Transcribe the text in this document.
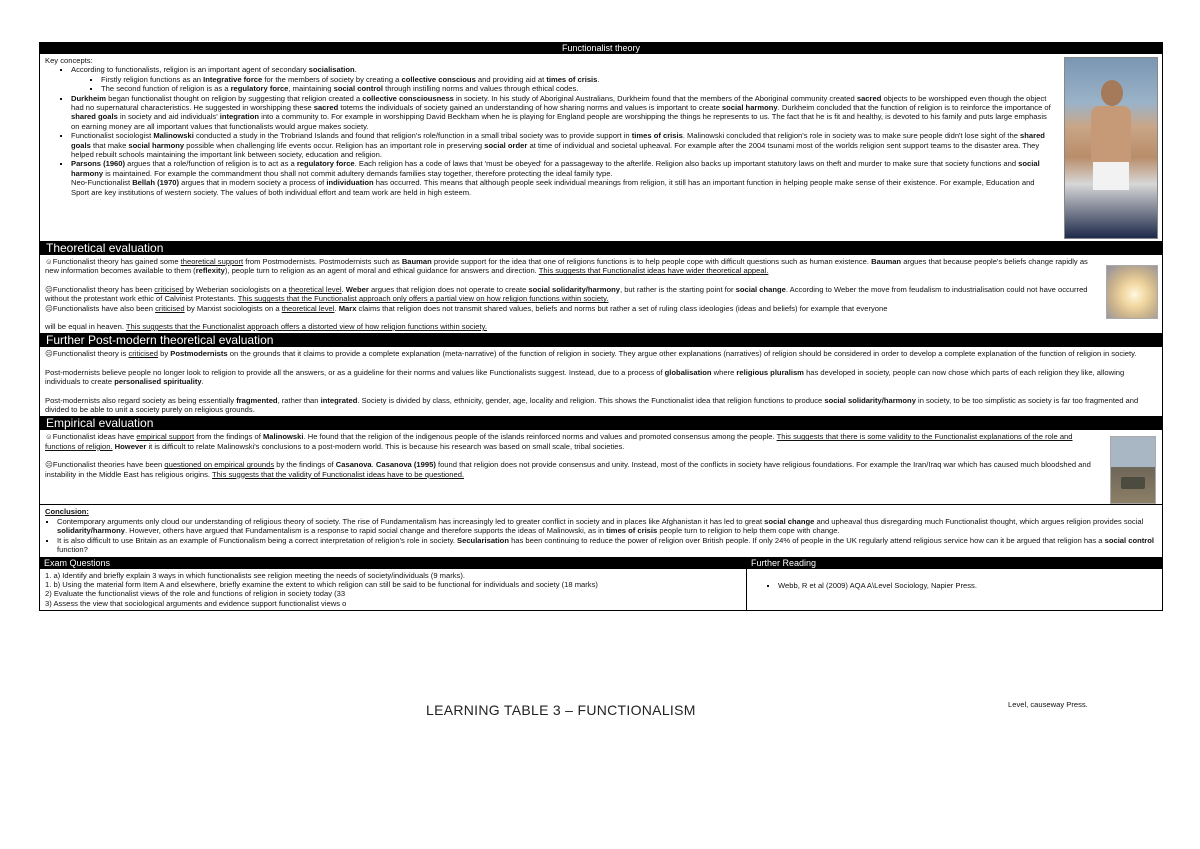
Functionalist theory

Key concepts:

▪ According to functionalists, religion is an important agent of secondary socialisation.
▪ Firstly religion functions as an Integrative force for the members of society by creating a collective conscious and providing aid at times of crisis.
▪ The second function of religion is as a regulatory force, maintaining social control through instilling norms and values through ethical codes.
▪ Durkheim began functionalist thought on religion by suggesting that religion created a collective consciousness in society. In his study of Aboriginal Australians, Durkheim found that the members of the Aboriginal community created sacred objects to be worshipped even though the object had no supernatural characteristics. He suggested in worshipping these sacred totems the individuals of society gained an understanding of how sharing norms and values is important to create social harmony. Durkheim concluded that the function of religion is to reinforce the importance of shared goals in society and aid individuals' integration into a community to. For example in worshipping David Beckham when he is playing for England people are worshipping the things he represents to us. The fact that he is fit and healthy, is devoted to his family and puts large emphasis on earning money are all important values that functionalists would argue makes society.
▪ Functionalist sociologist Malinowski conducted a study in the Trobriand Islands and found that religion's role/function in a small tribal society was to provide support in times of crisis. Malinowski concluded that religion's role in society was to make sure people didn't lose sight of the shared goals that make social harmony possible when challenging life events occur. Religion has an important role in preserving social order at time of individual and societal upheaval. For example after the 2004 tsunami most of the worlds religion sent support teams to the disaster area. They helped rebuilt schools maintaining the important link between society, education and religion.
▪ Parsons (1960) argues that a role/function of religion is to act as a regulatory force. Each religion has a code of laws that 'must be obeyed' for a passageway to the afterlife. Religion also backs up important statutory laws on theft and murder to make sure that society functions and social harmony is maintained. For example the commandment thou shall not commit adultery demands families stay together, therefore protecting the ideal family type.

Neo-Functionalist Bellah (1970) argues that in modern society a process of individuation has occurred. This means that although people seek individual meanings from religion, it still has an important function in helping people make sense of their existence. For example, Education and Sport are key institutions of western society. The values of both individual effort and team work are held in high esteem.

Theoretical evaluation

☺Functionalist theory has gained some theoretical support from Postmodernists. Postmodernists such as Bauman provide support for the idea that one of religions functions is to help people cope with difficult questions such as human existence. Bauman argues that because people's beliefs change rapidly as new information becomes available to them (reflexity), people turn to religion as an agent of moral and ethical guidance for answers and direction. This suggests that Functionalist ideas have wider theoretical appeal.

☹Functionalist theory has been criticised by Weberian sociologists on a theoretical level. Weber argues that religion does not operate to create social solidarity/harmony, but rather is the starting point for social change. According to Weber the move from feudalism to industrialisation could not have occurred without the protestant work ethic of Calvinist Protestants. This suggests that the Functionalist approach only offers a partial view on how religion functions within society.

☹Functionalists have also been criticised by Marxist sociologists on a theoretical level. Marx claims that religion does not transmit shared values, beliefs and norms but rather a set of ruling class ideologies (ideas and beliefs) for example that everyone

will be equal in heaven. This suggests that the Functionalist approach offers a distorted view of how religion functions within society.

Further Post-modern theoretical evaluation

☹Functionalist theory is criticised by Postmodernists on the grounds that it claims to provide a complete explanation (meta-narrative) of the function of religion in society. They argue other explanations (narratives) of religion should be considered in order to develop a complete explanation of the function of religion in society.

Post-modernists believe people no longer look to religion to provide all the answers, or as a guideline for their norms and values like Functionalists suggest. Instead, due to a process of globalisation where religious pluralism has developed in society, people can now chose which parts of each religion they like, allowing individuals to create personalised spirituality.

Post-modernists also regard society as being essentially fragmented, rather than integrated. Society is divided by class, ethnicity, gender, age, locality and religion. This shows the Functionalist idea that religion functions to produce social solidarity/harmony in society, to be too simplistic as society is far too fragmented and divided to be able to unit a society purely on religious grounds.

Empirical evaluation

☺Functionalist ideas have empirical support from the findings of Malinowski. He found that the religion of the indigenous people of the islands reinforced norms and values and promoted consensus among the people. This suggests that there is some validity to the Functionalist explanations of the role and functions of religion. However it is difficult to relate Malinowski's conclusions to a post-modern world. This is because his research was based on small scale, tribal societies.

☹Functionalist theories have been questioned on empirical grounds by the findings of Casanova. Casanova (1995) found that religion does not provide consensus and unity. Instead, most of the conflicts in society have religious foundations. For example the Iran/Iraq war which has caused much bloodshed and instability in the Middle East has religious origins. This suggests that the validity of Functionalist ideas have to be questioned.

Conclusion:

▪ Contemporary arguments only cloud our understanding of religious theory of society. The rise of Fundamentalism has increasingly led to greater conflict in society and in places like Afghanistan it has led to great social change and upheaval thus disregarding much Functionalist thought, which argues religion provides social solidarity/harmony. However, others have argued that Fundamentalism is a response to rapid social change and therefore supports the ideas of Malinowski, as in times of crisis people turn to religion to help them cope with change.
▪ It is also difficult to use Britain as an example of Functionalism being a correct interpretation of religion's role in society. Secularisation has been continuing to reduce the power of religion over British people. If only 24% of people in the UK regularly attend religious service how can it be argued that religion has a social control function?
Exam Questions

1. a) Identify and briefly explain 3 ways in which functionalists see religion meeting the needs of society/individuals (9 marks).

1. b) Using the material form Item A and elsewhere, briefly examine the extent to which religion can still be said to be functional for individuals and society (18 marks)

2) Evaluate the functionalist views of the role and functions of religion in society today (33

3) Assess the view that sociological arguments and evidence support functionalist views o

Further Reading
▪ Webb, R et al (2009) AQA A\Level Sociology, Napier Press.
Level, causeway Press.
LEARNING TABLE 3 – FUNCTIONALISM
